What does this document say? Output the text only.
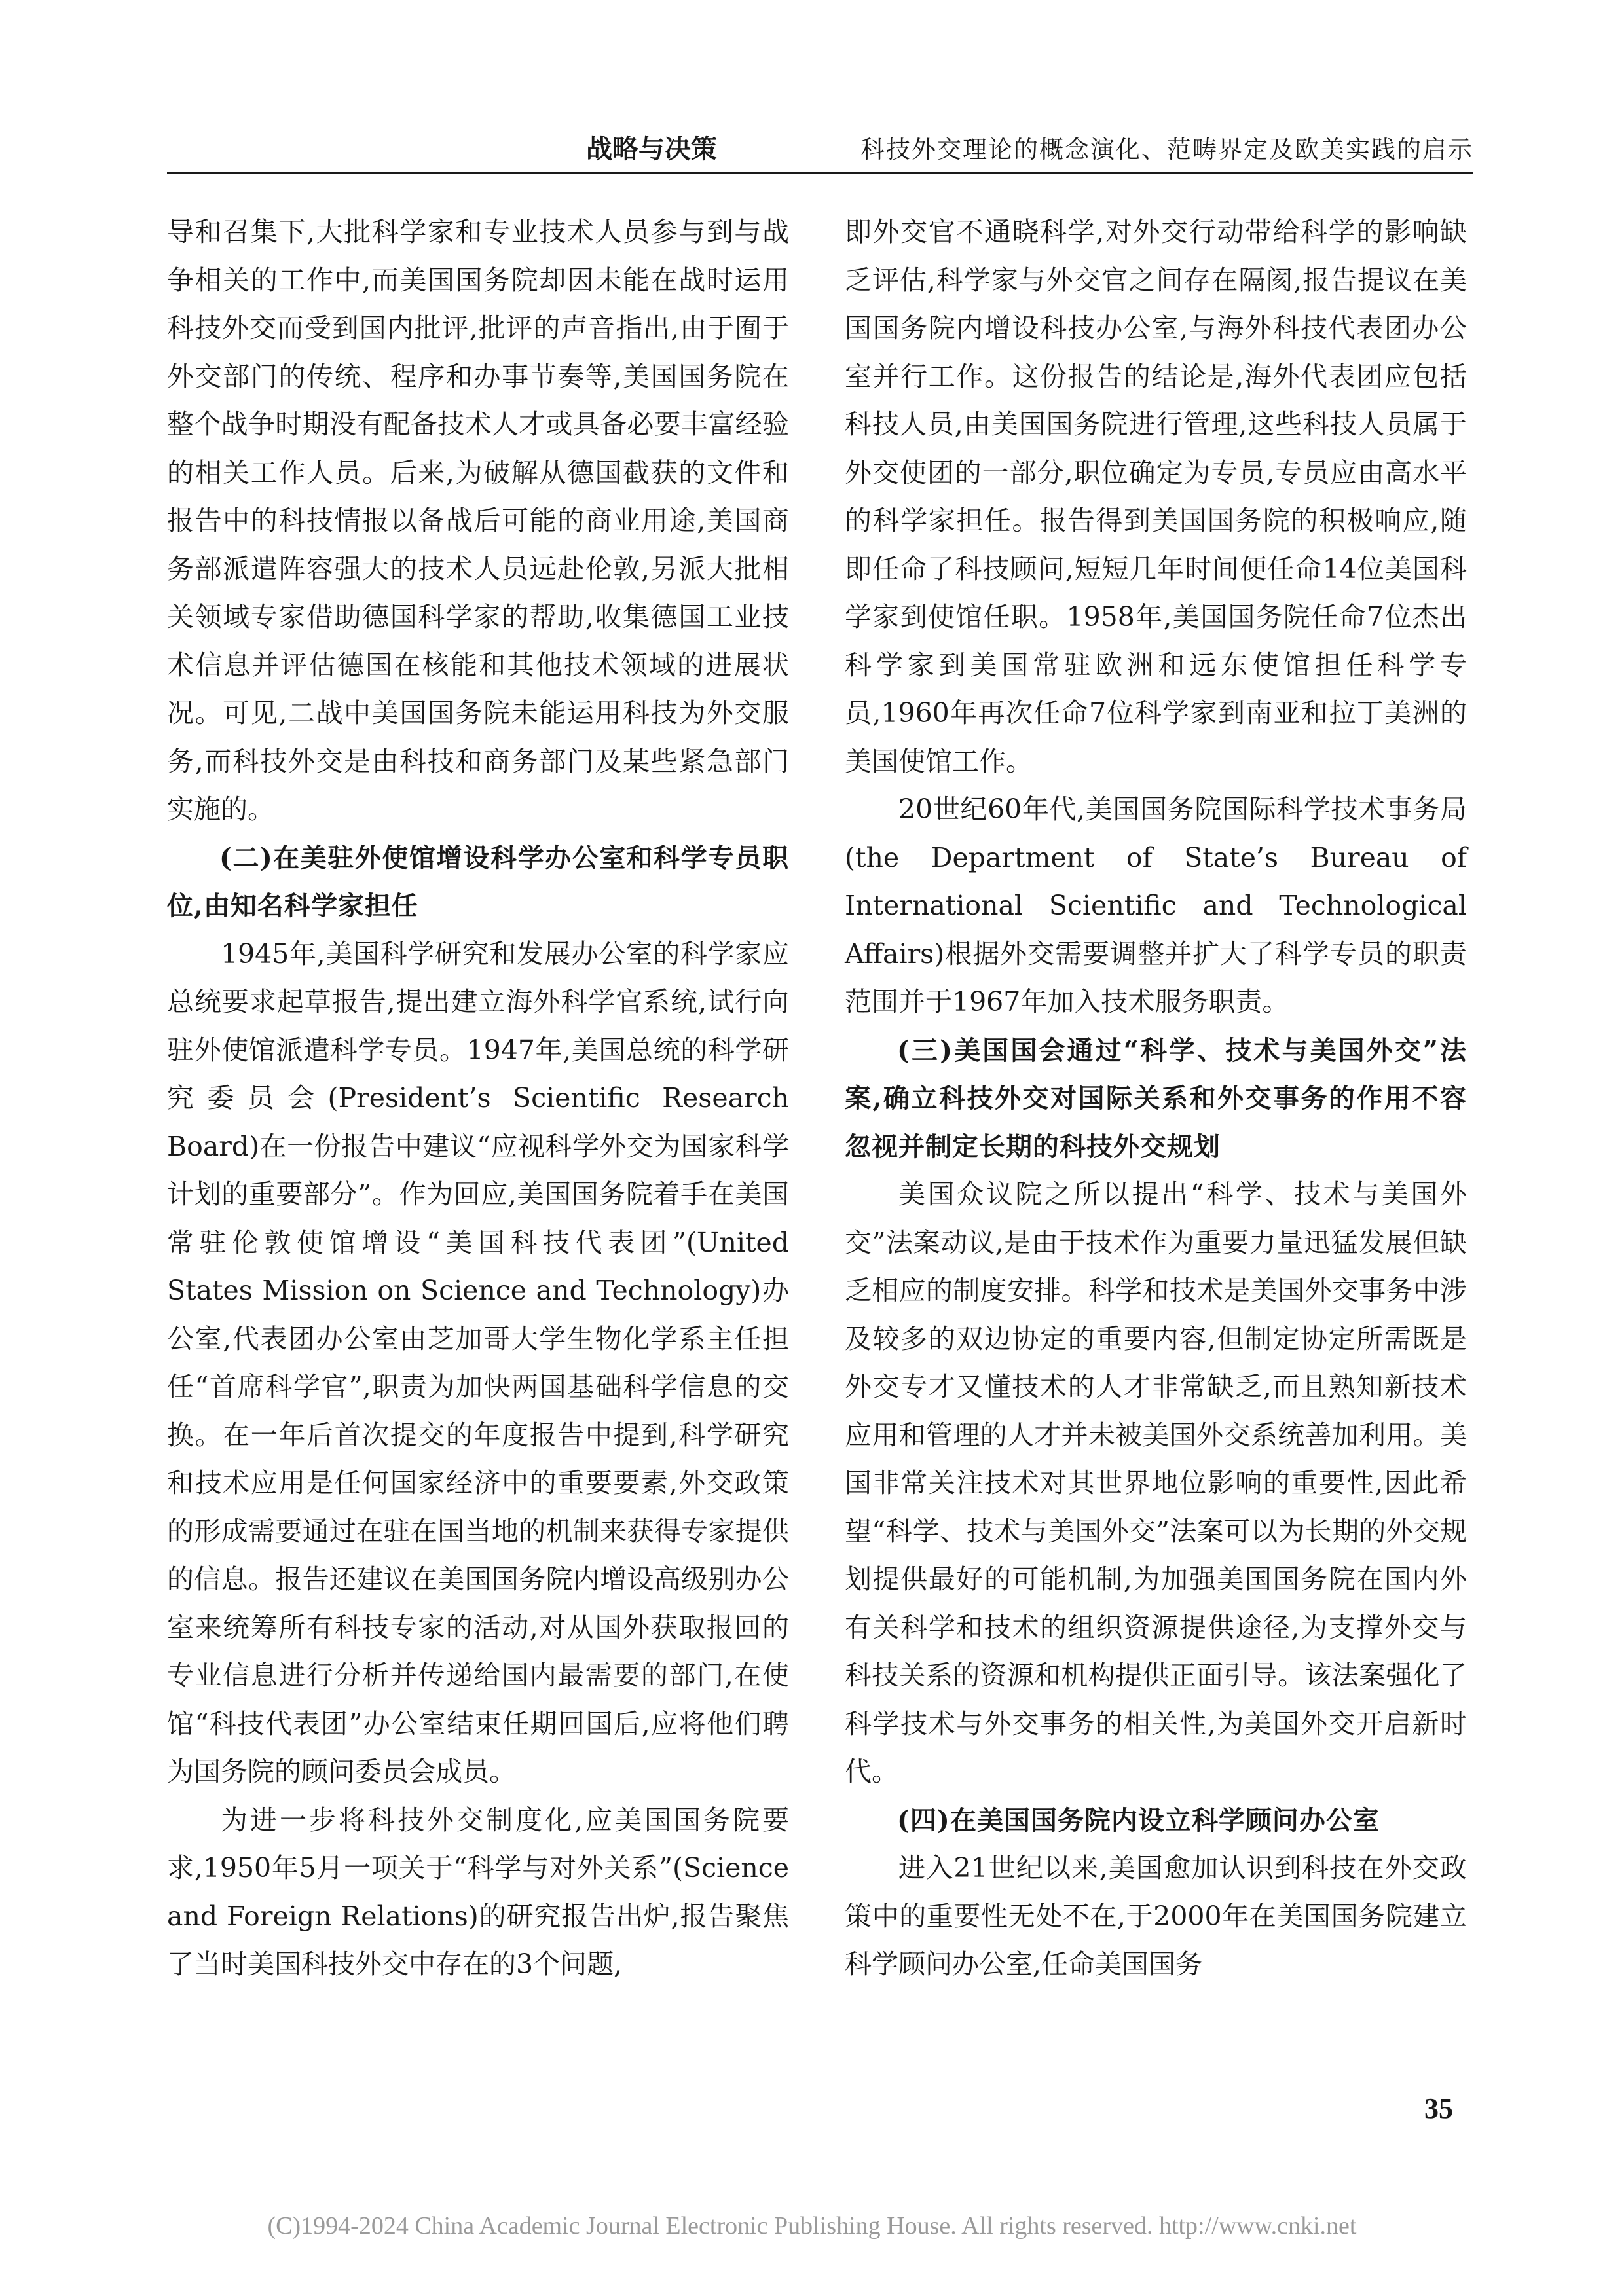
战略与决策	科技外交理论的概念演化、范畴界定及欧美实践的启示

导和召集下,大批科学家和专业技术人员参与到与战争相关的工作中,而美国国务院却因未能在战时运用科技外交而受到国内批评,批评的声音指出,由于囿于外交部门的传统、程序和办事节奏等,美国国务院在整个战争时期没有配备技术人才或具备必要丰富经验的相关工作人员。后来,为破解从德国截获的文件和报告中的科技情报以备战后可能的商业用途,美国商务部派遣阵容强大的技术人员远赴伦敦,另派大批相关领域专家借助德国科学家的帮助,收集德国工业技术信息并评估德国在核能和其他技术领域的进展状况。可见,二战中美国国务院未能运用科技为外交服务,而科技外交是由科技和商务部门及某些紧急部门实施的。

(二)在美驻外使馆增设科学办公室和科学专员职位,由知名科学家担任

1945年,美国科学研究和发展办公室的科学家应总统要求起草报告,提出建立海外科学官系统,试行向驻外使馆派遣科学专员。1947年,美国总统的科学研究委员会(President’s Scientific Research Board)在一份报告中建议“应视科学外交为国家科学计划的重要部分”。作为回应,美国国务院着手在美国常驻伦敦使馆增设“美国科技代表团”(United States Mission on Science and Technology)办公室,代表团办公室由芝加哥大学生物化学系主任担任“首席科学官”,职责为加快两国基础科学信息的交换。在一年后首次提交的年度报告中提到,科学研究和技术应用是任何国家经济中的重要要素,外交政策的形成需要通过在驻在国当地的机制来获得专家提供的信息。报告还建议在美国国务院内增设高级别办公室来统筹所有科技专家的活动,对从国外获取报回的专业信息进行分析并传递给国内最需要的部门,在使馆“科技代表团”办公室结束任期回国后,应将他们聘为国务院的顾问委员会成员。

为进一步将科技外交制度化,应美国国务院要求,1950年5月一项关于“科学与对外关系”(Science and Foreign Relations)的研究报告出炉,报告聚焦了当时美国科技外交中存在的3个问题,

即外交官不通晓科学,对外交行动带给科学的影响缺乏评估,科学家与外交官之间存在隔阂,报告提议在美国国务院内增设科技办公室,与海外科技代表团办公室并行工作。这份报告的结论是,海外代表团应包括科技人员,由美国国务院进行管理,这些科技人员属于外交使团的一部分,职位确定为专员,专员应由高水平的科学家担任。报告得到美国国务院的积极响应,随即任命了科技顾问,短短几年时间便任命14位美国科学家到使馆任职。1958年,美国国务院任命7位杰出科学家到美国常驻欧洲和远东使馆担任科学专员,1960年再次任命7位科学家到南亚和拉丁美洲的美国使馆工作。

20世纪60年代,美国国务院国际科学技术事务局(the Department of State’s Bureau of International Scientific and Technological Affairs)根据外交需要调整并扩大了科学专员的职责范围并于1967年加入技术服务职责。

(三)美国国会通过“科学、技术与美国外交”法案,确立科技外交对国际关系和外交事务的作用不容忽视并制定长期的科技外交规划

美国众议院之所以提出“科学、技术与美国外交”法案动议,是由于技术作为重要力量迅猛发展但缺乏相应的制度安排。科学和技术是美国外交事务中涉及较多的双边协定的重要内容,但制定协定所需既是外交专才又懂技术的人才非常缺乏,而且熟知新技术应用和管理的人才并未被美国外交系统善加利用。美国非常关注技术对其世界地位影响的重要性,因此希望“科学、技术与美国外交”法案可以为长期的外交规划提供最好的可能机制,为加强美国国务院在国内外有关科学和技术的组织资源提供途径,为支撑外交与科技关系的资源和机构提供正面引导。该法案强化了科学技术与外交事务的相关性,为美国外交开启新时代。

(四)在美国国务院内设立科学顾问办公室

进入21世纪以来,美国愈加认识到科技在外交政策中的重要性无处不在,于2000年在美国国务院建立科学顾问办公室,任命美国国务

35
(C)1994-2024 China Academic Journal Electronic Publishing House. All rights reserved. http://www.cnki.net
